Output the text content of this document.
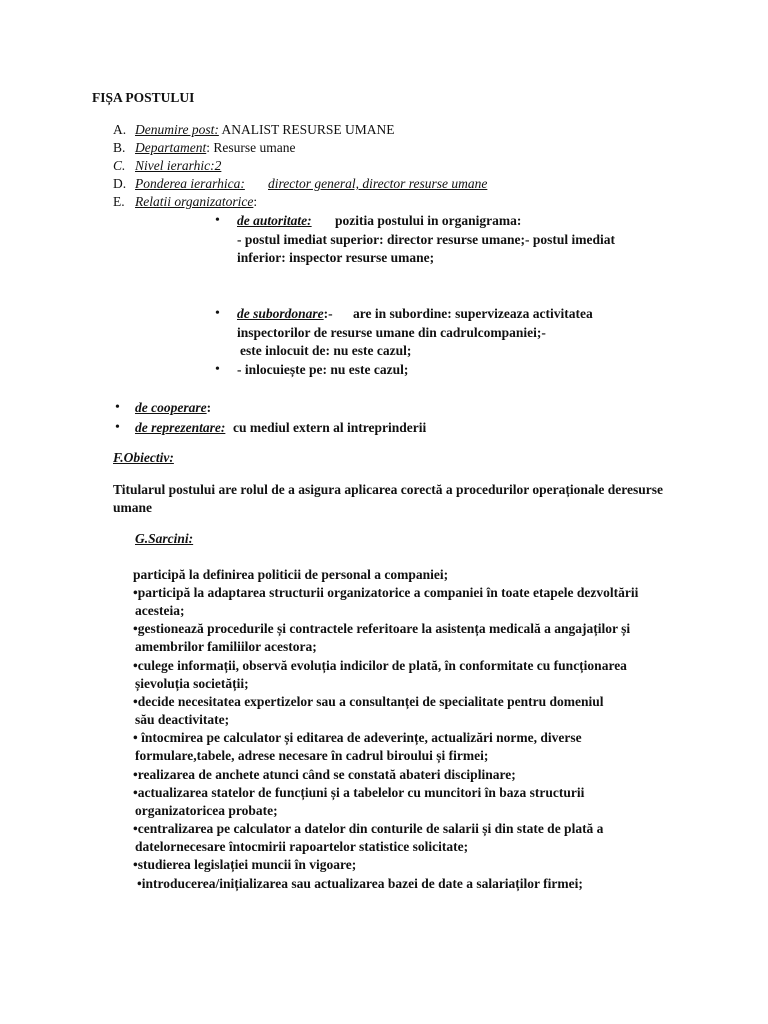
FIȘA POSTULUI
A. Denumire post: ANALIST RESURSE UMANE
B. Departament: Resurse umane
C. Nivel ierarhic:2
D. Ponderea ierarhica: director general, director resurse umane
E. Relatii organizatorice:
• de autoritate: pozitia postului in organigrama:
- postul imediat superior: director resurse umane;- postul imediat
inferior: inspector resurse umane;
• de subordonare:- are in subordine: supervizeaza activitatea
inspectorilor de resurse umane din cadrulcompaniei;-
este inlocuit de: nu este cazul;
• - inlocuiește pe: nu este cazul;
• de cooperare:
• de reprezentare: cu mediul extern al intreprinderii
F.Obiectiv:
Titularul postului are rolul de a asigura aplicarea corectă a procedurilor operaționale deresurse
umane
G.Sarcini:
participă la definirea politicii de personal a companiei;
•participă la adaptarea structurii organizatorice a companiei în toate etapele dezvoltării
acesteia;
•gestionează procedurile și contractele referitoare la asistența medicală a angajaților și
amembrilor familiilor acestora;
•culege informații, observă evoluția indicilor de plată, în conformitate cu funcționarea
șievoluția societății;
•decide necesitatea expertizelor sau a consultanței de specialitate pentru domeniul
său deactivitate;
• întocmirea pe calculator și editarea de adeverințe, actualizări norme, diverse
formulare,tabele, adrese necesare în cadrul biroului și firmei;
•realizarea de anchete atunci când se constată abateri disciplinare;
•actualizarea statelor de funcțiuni și a tabelelor cu muncitori în baza structurii
organizatoricea probate;
•centralizarea pe calculator a datelor din conturile de salarii și din state de plată a
datelornecesare întocmirii rapoartelor statistice solicitate;
•studierea legislației muncii în vigoare;
•introducerea/inițializarea sau actualizarea bazei de date a salariaților firmei;
